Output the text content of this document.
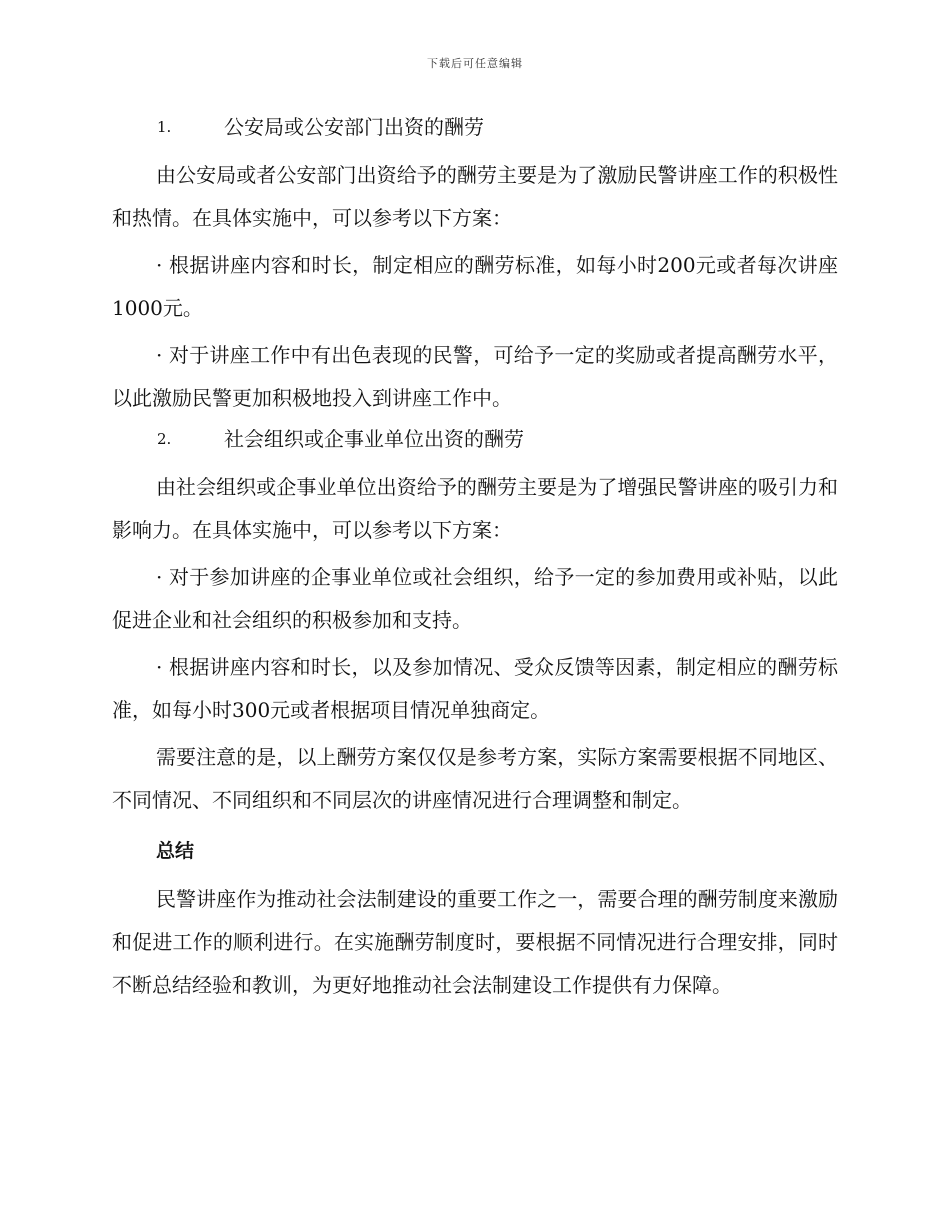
下载后可任意编辑
1.	公安局或公安部门出资的酬劳

由公安局或者公安部门出资给予的酬劳主要是为了激励民警讲座工作的积极性和热情。在具体实施中，可以参考以下方案：

· 根据讲座内容和时长，制定相应的酬劳标准，如每小时200元或者每次讲座1000元。

· 对于讲座工作中有出色表现的民警，可给予一定的奖励或者提高酬劳水平，以此激励民警更加积极地投入到讲座工作中。

2.	社会组织或企事业单位出资的酬劳

由社会组织或企事业单位出资给予的酬劳主要是为了增强民警讲座的吸引力和影响力。在具体实施中，可以参考以下方案：

· 对于参加讲座的企事业单位或社会组织，给予一定的参加费用或补贴，以此促进企业和社会组织的积极参加和支持。

· 根据讲座内容和时长，以及参加情况、受众反馈等因素，制定相应的酬劳标准，如每小时300元或者根据项目情况单独商定。

需要注意的是，以上酬劳方案仅仅是参考方案，实际方案需要根据不同地区、不同情况、不同组织和不同层次的讲座情况进行合理调整和制定。

总结

民警讲座作为推动社会法制建设的重要工作之一，需要合理的酬劳制度来激励和促进工作的顺利进行。在实施酬劳制度时，要根据不同情况进行合理安排，同时不断总结经验和教训，为更好地推动社会法制建设工作提供有力保障。
